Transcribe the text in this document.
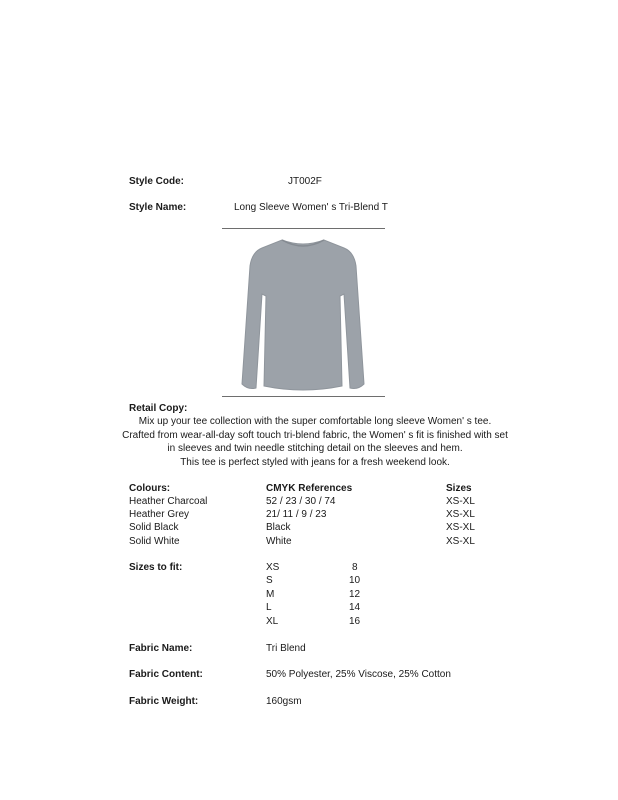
Style Code:	JT002F
Style Name:	Long Sleeve Women' s Tri-Blend T
Retail Copy:
Mix up your tee collection with the super comfortable long sleeve Women' s tee.
Crafted from wear-all-day soft touch tri-blend fabric, the Women' s fit is finished with set
in sleeves and twin needle stitching detail on the sleeves and hem.
This tee is perfect styled with jeans for a fresh weekend look.
Colours:	CMYK References	Sizes
Heather Charcoal	52 / 23 / 30 / 74	XS-XL
Heather Grey	21/ 11 / 9 / 23	XS-XL
Solid Black	Black	XS-XL
Solid White	White	XS-XL
Sizes to fit:	XS	8
S	10
M	12
L	14
XL	16
Fabric Name:	Tri Blend
Fabric Content:	50% Polyester, 25% Viscose, 25% Cotton
Fabric Weight:	160gsm
